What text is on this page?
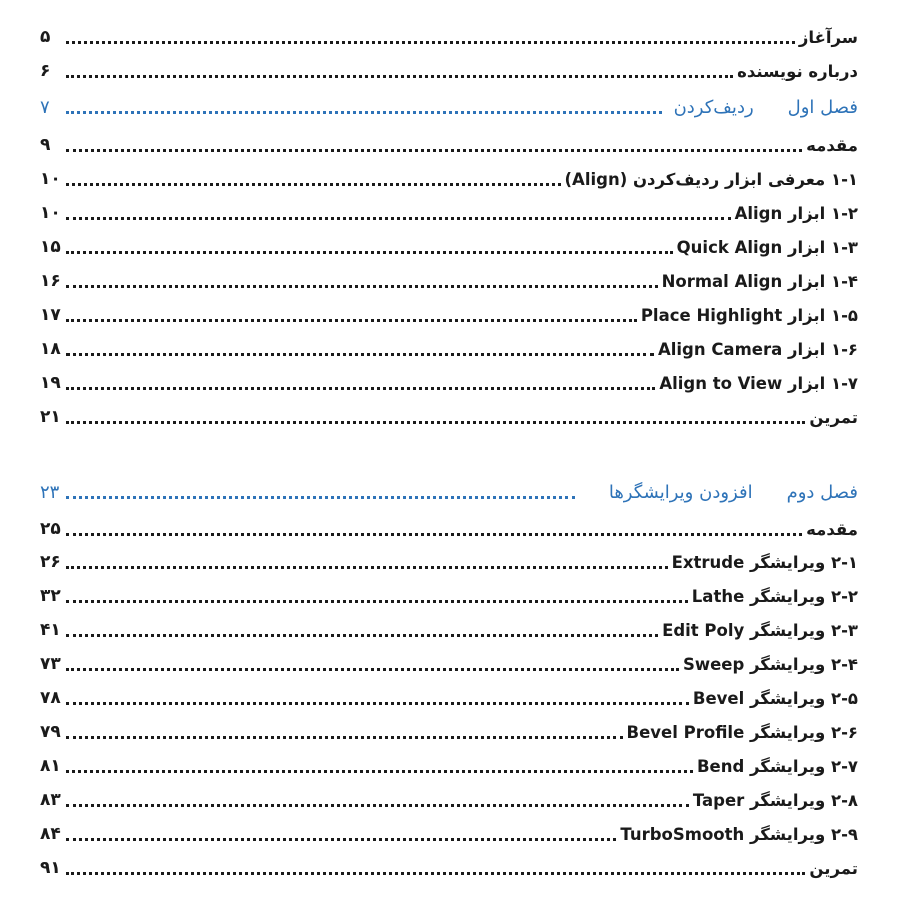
سرآغاز
۵
درباره نویسنده
۶
فصل اول
ردیف‌کردن
۷
مقدمه
۹
۱-۱ معرفی ابزار ردیف‌کردن (Align)
۱۰
۱-۲ ابزار Align
۱۰
۱-۳ ابزار Quick Align
۱۵
۱-۴ ابزار Normal Align
۱۶
۱-۵ ابزار Place Highlight
۱۷
۱-۶ ابزار Align Camera
۱۸
۱-۷ ابزار Align to View
۱۹
تمرین
۲۱
فصل دوم
افزودن ویرایشگرها
۲۳
مقدمه
۲۵
۲-۱ ویرایشگر Extrude
۲۶
۲-۲ ویرایشگر Lathe
۳۲
۲-۳ ویرایشگر Edit Poly
۴۱
۲-۴ ویرایشگر Sweep
۷۳
۲-۵ ویرایشگر Bevel
۷۸
۲-۶ ویرایشگر Bevel Profile
۷۹
۲-۷ ویرایشگر Bend
۸۱
۲-۸ ویرایشگر Taper
۸۳
۲-۹ ویرایشگر TurboSmooth
۸۴
تمرین
۹۱
